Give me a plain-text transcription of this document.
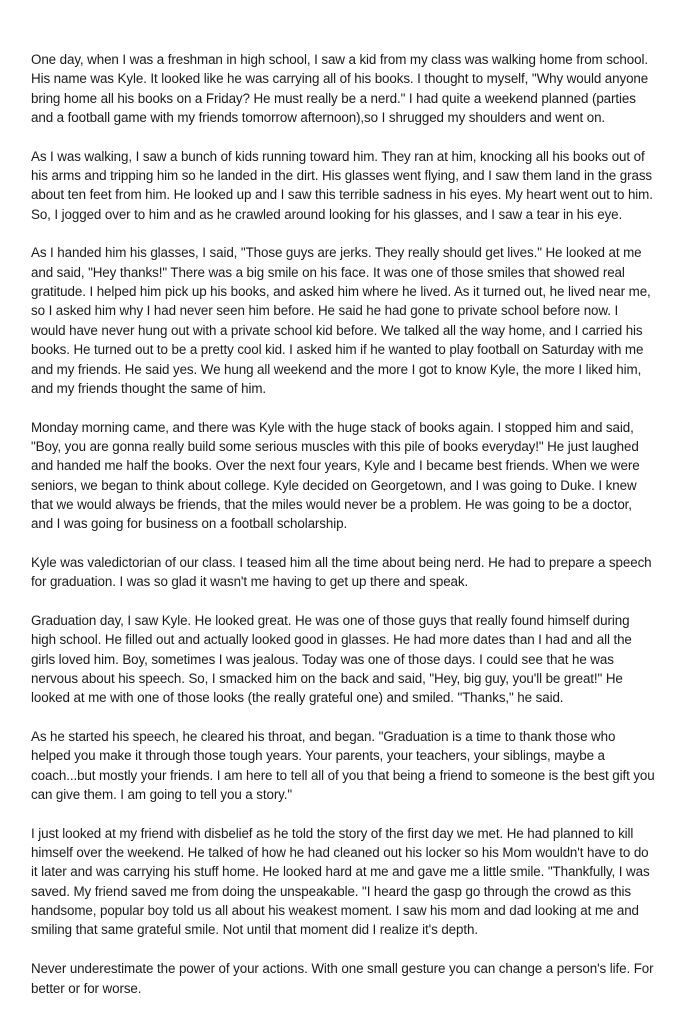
One day, when I was a freshman in high school, I saw a kid from my class was walking home from school. His name was Kyle. It looked like he was carrying all of his books. I thought to myself, "Why would anyone bring home all his books on a Friday? He must really be a nerd." I had quite a weekend planned (parties and a football game with my friends tomorrow afternoon),so I shrugged my shoulders and went on.

As I was walking, I saw a bunch of kids running toward him. They ran at him, knocking all his books out of his arms and tripping him so he landed in the dirt. His glasses went flying, and I saw them land in the grass about ten feet from him. He looked up and I saw this terrible sadness in his eyes. My heart went out to him. So, I jogged over to him and as he crawled around looking for his glasses, and I saw a tear in his eye.

As I handed him his glasses, I said, "Those guys are jerks. They really should get lives." He looked at me and said, "Hey thanks!" There was a big smile on his face. It was one of those smiles that showed real gratitude. I helped him pick up his books, and asked him where he lived. As it turned out, he lived near me, so I asked him why I had never seen him before. He said he had gone to private school before now. I would have never hung out with a private school kid before. We talked all the way home, and I carried his books. He turned out to be a pretty cool kid. I asked him if he wanted to play football on Saturday with me and my friends. He said yes. We hung all weekend and the more I got to know Kyle, the more I liked him, and my friends thought the same of him.

Monday morning came, and there was Kyle with the huge stack of books again. I stopped him and said, "Boy, you are gonna really build some serious muscles with this pile of books everyday!" He just laughed and handed me half the books. Over the next four years, Kyle and I became best friends. When we were seniors, we began to think about college. Kyle decided on Georgetown, and I was going to Duke. I knew that we would always be friends, that the miles would never be a problem. He was going to be a doctor, and I was going for business on a football scholarship.

Kyle was valedictorian of our class. I teased him all the time about being nerd. He had to prepare a speech for graduation. I was so glad it wasn't me having to get up there and speak.

Graduation day, I saw Kyle. He looked great. He was one of those guys that really found himself during high school. He filled out and actually looked good in glasses. He had more dates than I had and all the girls loved him. Boy, sometimes I was jealous. Today was one of those days. I could see that he was nervous about his speech. So, I smacked him on the back and said, "Hey, big guy, you'll be great!" He looked at me with one of those looks (the really grateful one) and smiled. "Thanks," he said.

As he started his speech, he cleared his throat, and began. "Graduation is a time to thank those who helped you make it through those tough years. Your parents, your teachers, your siblings, maybe a coach...but mostly your friends. I am here to tell all of you that being a friend to someone is the best gift you can give them. I am going to tell you a story."

I just looked at my friend with disbelief as he told the story of the first day we met. He had planned to kill himself over the weekend. He talked of how he had cleaned out his locker so his Mom wouldn't have to do it later and was carrying his stuff home. He looked hard at me and gave me a little smile. "Thankfully, I was saved. My friend saved me from doing the unspeakable. "I heard the gasp go through the crowd as this handsome, popular boy told us all about his weakest moment. I saw his mom and dad looking at me and smiling that same grateful smile. Not until that moment did I realize it's depth.

Never underestimate the power of your actions. With one small gesture you can change a person's life. For better or for worse.
